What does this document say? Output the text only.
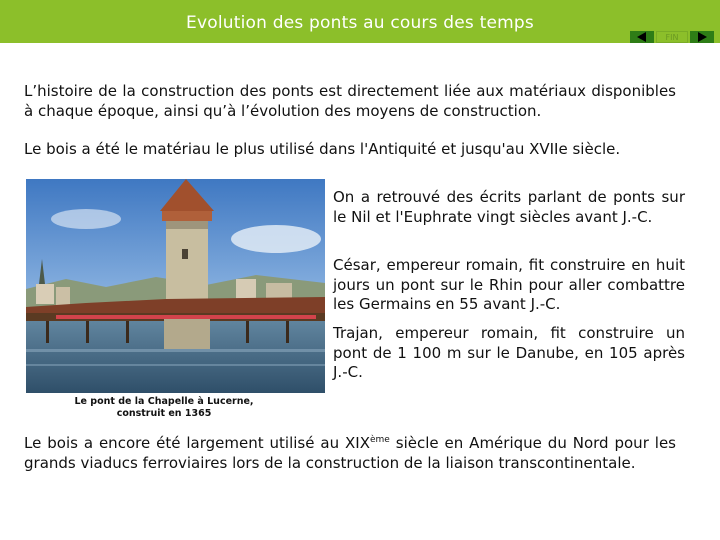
Evolution des ponts au cours des temps
FIN

L’histoire de la construction des ponts est directement liée aux matériaux disponibles à chaque époque, ainsi qu’à l’évolution des moyens de construction.

Le bois a été le matériau le plus utilisé dans l'Antiquité et jusqu'au XVIIe siècle.

Le pont de la Chapelle à Lucerne,
construit en 1365

On a retrouvé des écrits parlant de ponts sur le Nil et l'Euphrate vingt siècles avant J.-C.

César, empereur romain, fit construire en huit jours un pont sur le Rhin pour aller combattre les Germains en 55 avant J.-C.

Trajan, empereur romain, fit construire un pont de 1 100 m sur le Danube, en 105 après J.-C.

Le bois a encore été largement utilisé au XIXème siècle en Amérique du Nord pour les grands viaducs ferroviaires lors de la construction de la liaison transcontinentale.
